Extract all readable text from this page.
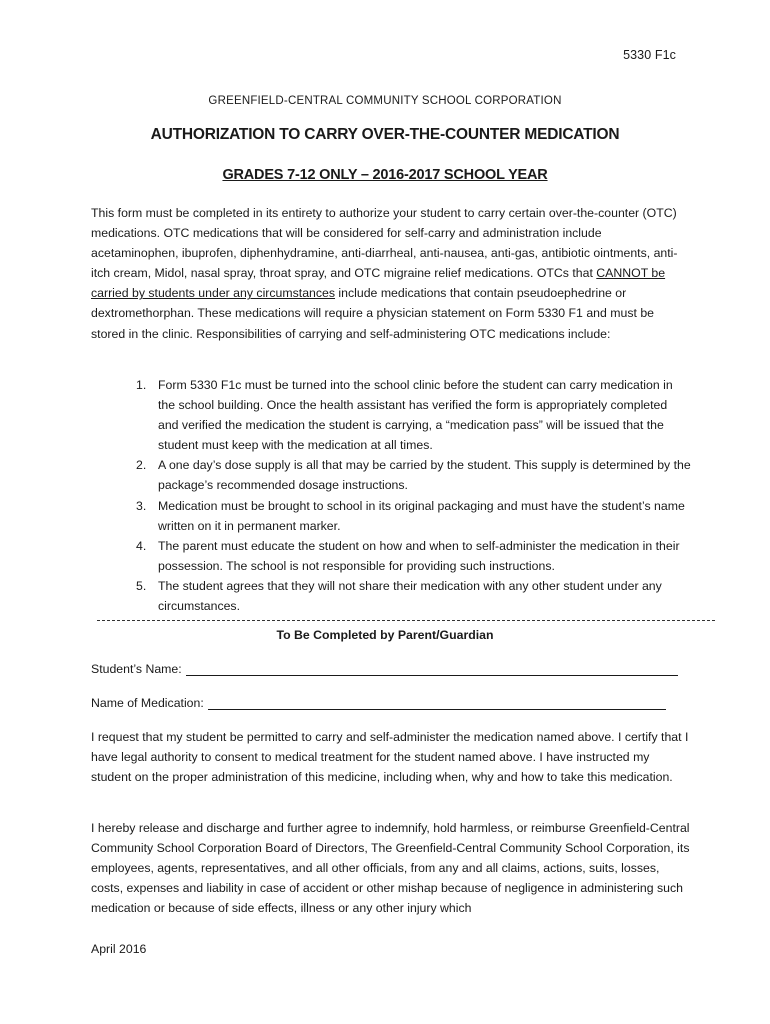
5330 F1c
GREENFIELD-CENTRAL COMMUNITY SCHOOL CORPORATION
AUTHORIZATION TO CARRY OVER-THE-COUNTER MEDICATION
GRADES 7-12 ONLY – 2016-2017 SCHOOL YEAR

This form must be completed in its entirety to authorize your student to carry certain over-the-counter (OTC) medications. OTC medications that will be considered for self-carry and administration include acetaminophen, ibuprofen, diphenhydramine, anti-diarrheal, anti-nausea, anti-gas, antibiotic ointments, anti-itch cream, Midol, nasal spray, throat spray, and OTC migraine relief medications. OTCs that CANNOT be carried by students under any circumstances include medications that contain pseudoephedrine or dextromethorphan. These medications will require a physician statement on Form 5330 F1 and must be stored in the clinic. Responsibilities of carrying and self-administering OTC medications include:

1. Form 5330 F1c must be turned into the school clinic before the student can carry medication in the school building. Once the health assistant has verified the form is appropriately completed and verified the medication the student is carrying, a “medication pass” will be issued that the student must keep with the medication at all times.
2. A one day’s dose supply is all that may be carried by the student. This supply is determined by the package’s recommended dosage instructions.
3. Medication must be brought to school in its original packaging and must have the student’s name written on it in permanent marker.
4. The parent must educate the student on how and when to self-administer the medication in their possession. The school is not responsible for providing such instructions.
5. The student agrees that they will not share their medication with any other student under any circumstances.
To Be Completed by Parent/Guardian
Student’s Name:
Name of Medication:

I request that my student be permitted to carry and self-administer the medication named above. I certify that I have legal authority to consent to medical treatment for the student named above. I have instructed my student on the proper administration of this medicine, including when, why and how to take this medication.

I hereby release and discharge and further agree to indemnify, hold harmless, or reimburse Greenfield-Central Community School Corporation Board of Directors, The Greenfield-Central Community School Corporation, its employees, agents, representatives, and all other officials, from any and all claims, actions, suits, losses, costs, expenses and liability in case of accident or other mishap because of negligence in administering such medication or because of side effects, illness or any other injury which

April 2016
